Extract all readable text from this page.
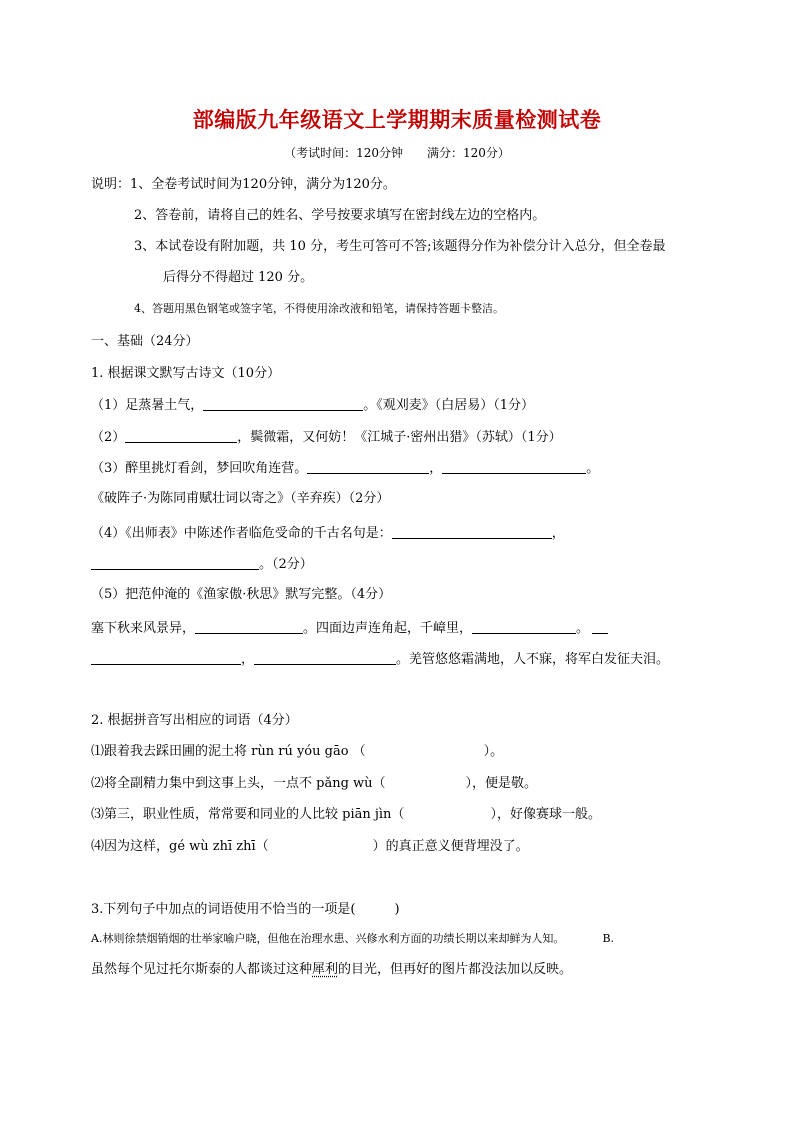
部编版九年级语文上学期期末质量检测试卷
（考试时间：120分钟　　满分：120分）
说明：1、全卷考试时间为120分钟，满分为120分。
2、答卷前，请将自己的姓名、学号按要求填写在密封线左边的空格内。
3、本试卷设有附加题，共 10 分，考生可答可不答;该题得分作为补偿分计入总分，但全卷最
后得分不得超过 120 分。
4、答题用黑色钢笔或签字笔，不得使用涂改液和铅笔，请保持答题卡整洁。
一、基础（24分）
1. 根据课文默写古诗文（10分）
（1）足蒸暑土气，	。《观刈麦》（白居易）（1分）
（2）	，鬓微霜，又何妨！《江城子·密州出猎》（苏轼）（1分）
（3）醉里挑灯看剑，梦回吹角连营。	，	。
《破阵子·为陈同甫赋壮词以寄之》（辛弃疾）（2分）
（4）《出师表》中陈述作者临危受命的千古名句是：	，
。（2分）
（5）把范仲淹的《渔家傲·秋思》默写完整。（4分）
塞下秋来风景异，	。四面边声连角起，千嶂里，	。
，	。羌管悠悠霜满地，人不寐，将军白发征夫泪。
2. 根据拼音写出相应的词语（4分）
⑴跟着我去踩田圃的泥土将 rùn rú yóu gāo （	）。
⑵将全副精力集中到这事上头，一点不 pǎng wù（	），便是敬。
⑶第三，职业性质，常常要和同业的人比较 piān jìn（	），好像赛球一般。
⑷因为这样，gé wù zhī zhī（	）的真正意义便背埋没了。
3.下列句子中加点的词语使用不恰当的一项是(　　　)
A.林则徐禁烟销烟的壮举家喻户晓，但他在治理水患、兴修水利方面的功绩长期以来却鲜为人知。	B.
虽然每个见过托尔斯泰的人都谈过这种犀利的目光，但再好的图片都没法加以反映。
